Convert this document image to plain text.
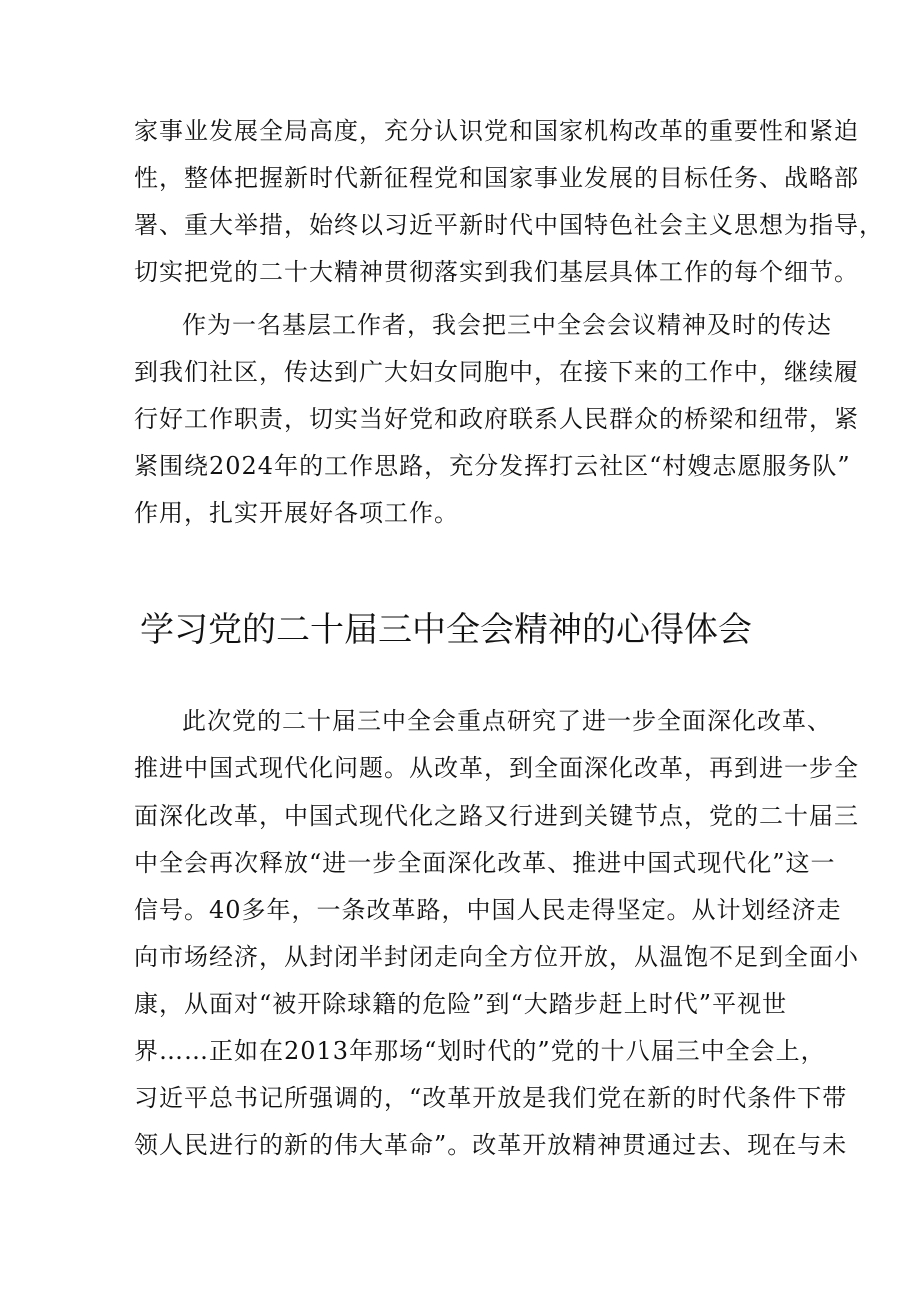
家事业发展全局高度，充分认识党和国家机构改革的重要性和紧迫
性，整体把握新时代新征程党和国家事业发展的目标任务、战略部
署、重大举措，始终以习近平新时代中国特色社会主义思想为指导，
切实把党的二十大精神贯彻落实到我们基层具体工作的每个细节。
作为一名基层工作者，我会把三中全会会议精神及时的传达
到我们社区，传达到广大妇女同胞中，在接下来的工作中，继续履
行好工作职责，切实当好党和政府联系人民群众的桥梁和纽带，紧
紧围绕2024年的工作思路，充分发挥打云社区“村嫂志愿服务队”
作用，扎实开展好各项工作。
学习党的二十届三中全会精神的心得体会
此次党的二十届三中全会重点研究了进一步全面深化改革、
推进中国式现代化问题。从改革，到全面深化改革，再到进一步全
面深化改革，中国式现代化之路又行进到关键节点，党的二十届三
中全会再次释放“进一步全面深化改革、推进中国式现代化”这一
信号。40多年，一条改革路，中国人民走得坚定。从计划经济走
向市场经济，从封闭半封闭走向全方位开放，从温饱不足到全面小
康，从面对“被开除球籍的危险”到“大踏步赶上时代”平视世
界……正如在2013年那场“划时代的”党的十八届三中全会上，
习近平总书记所强调的，“改革开放是我们党在新的时代条件下带
领人民进行的新的伟大革命”。改革开放精神贯通过去、现在与未
